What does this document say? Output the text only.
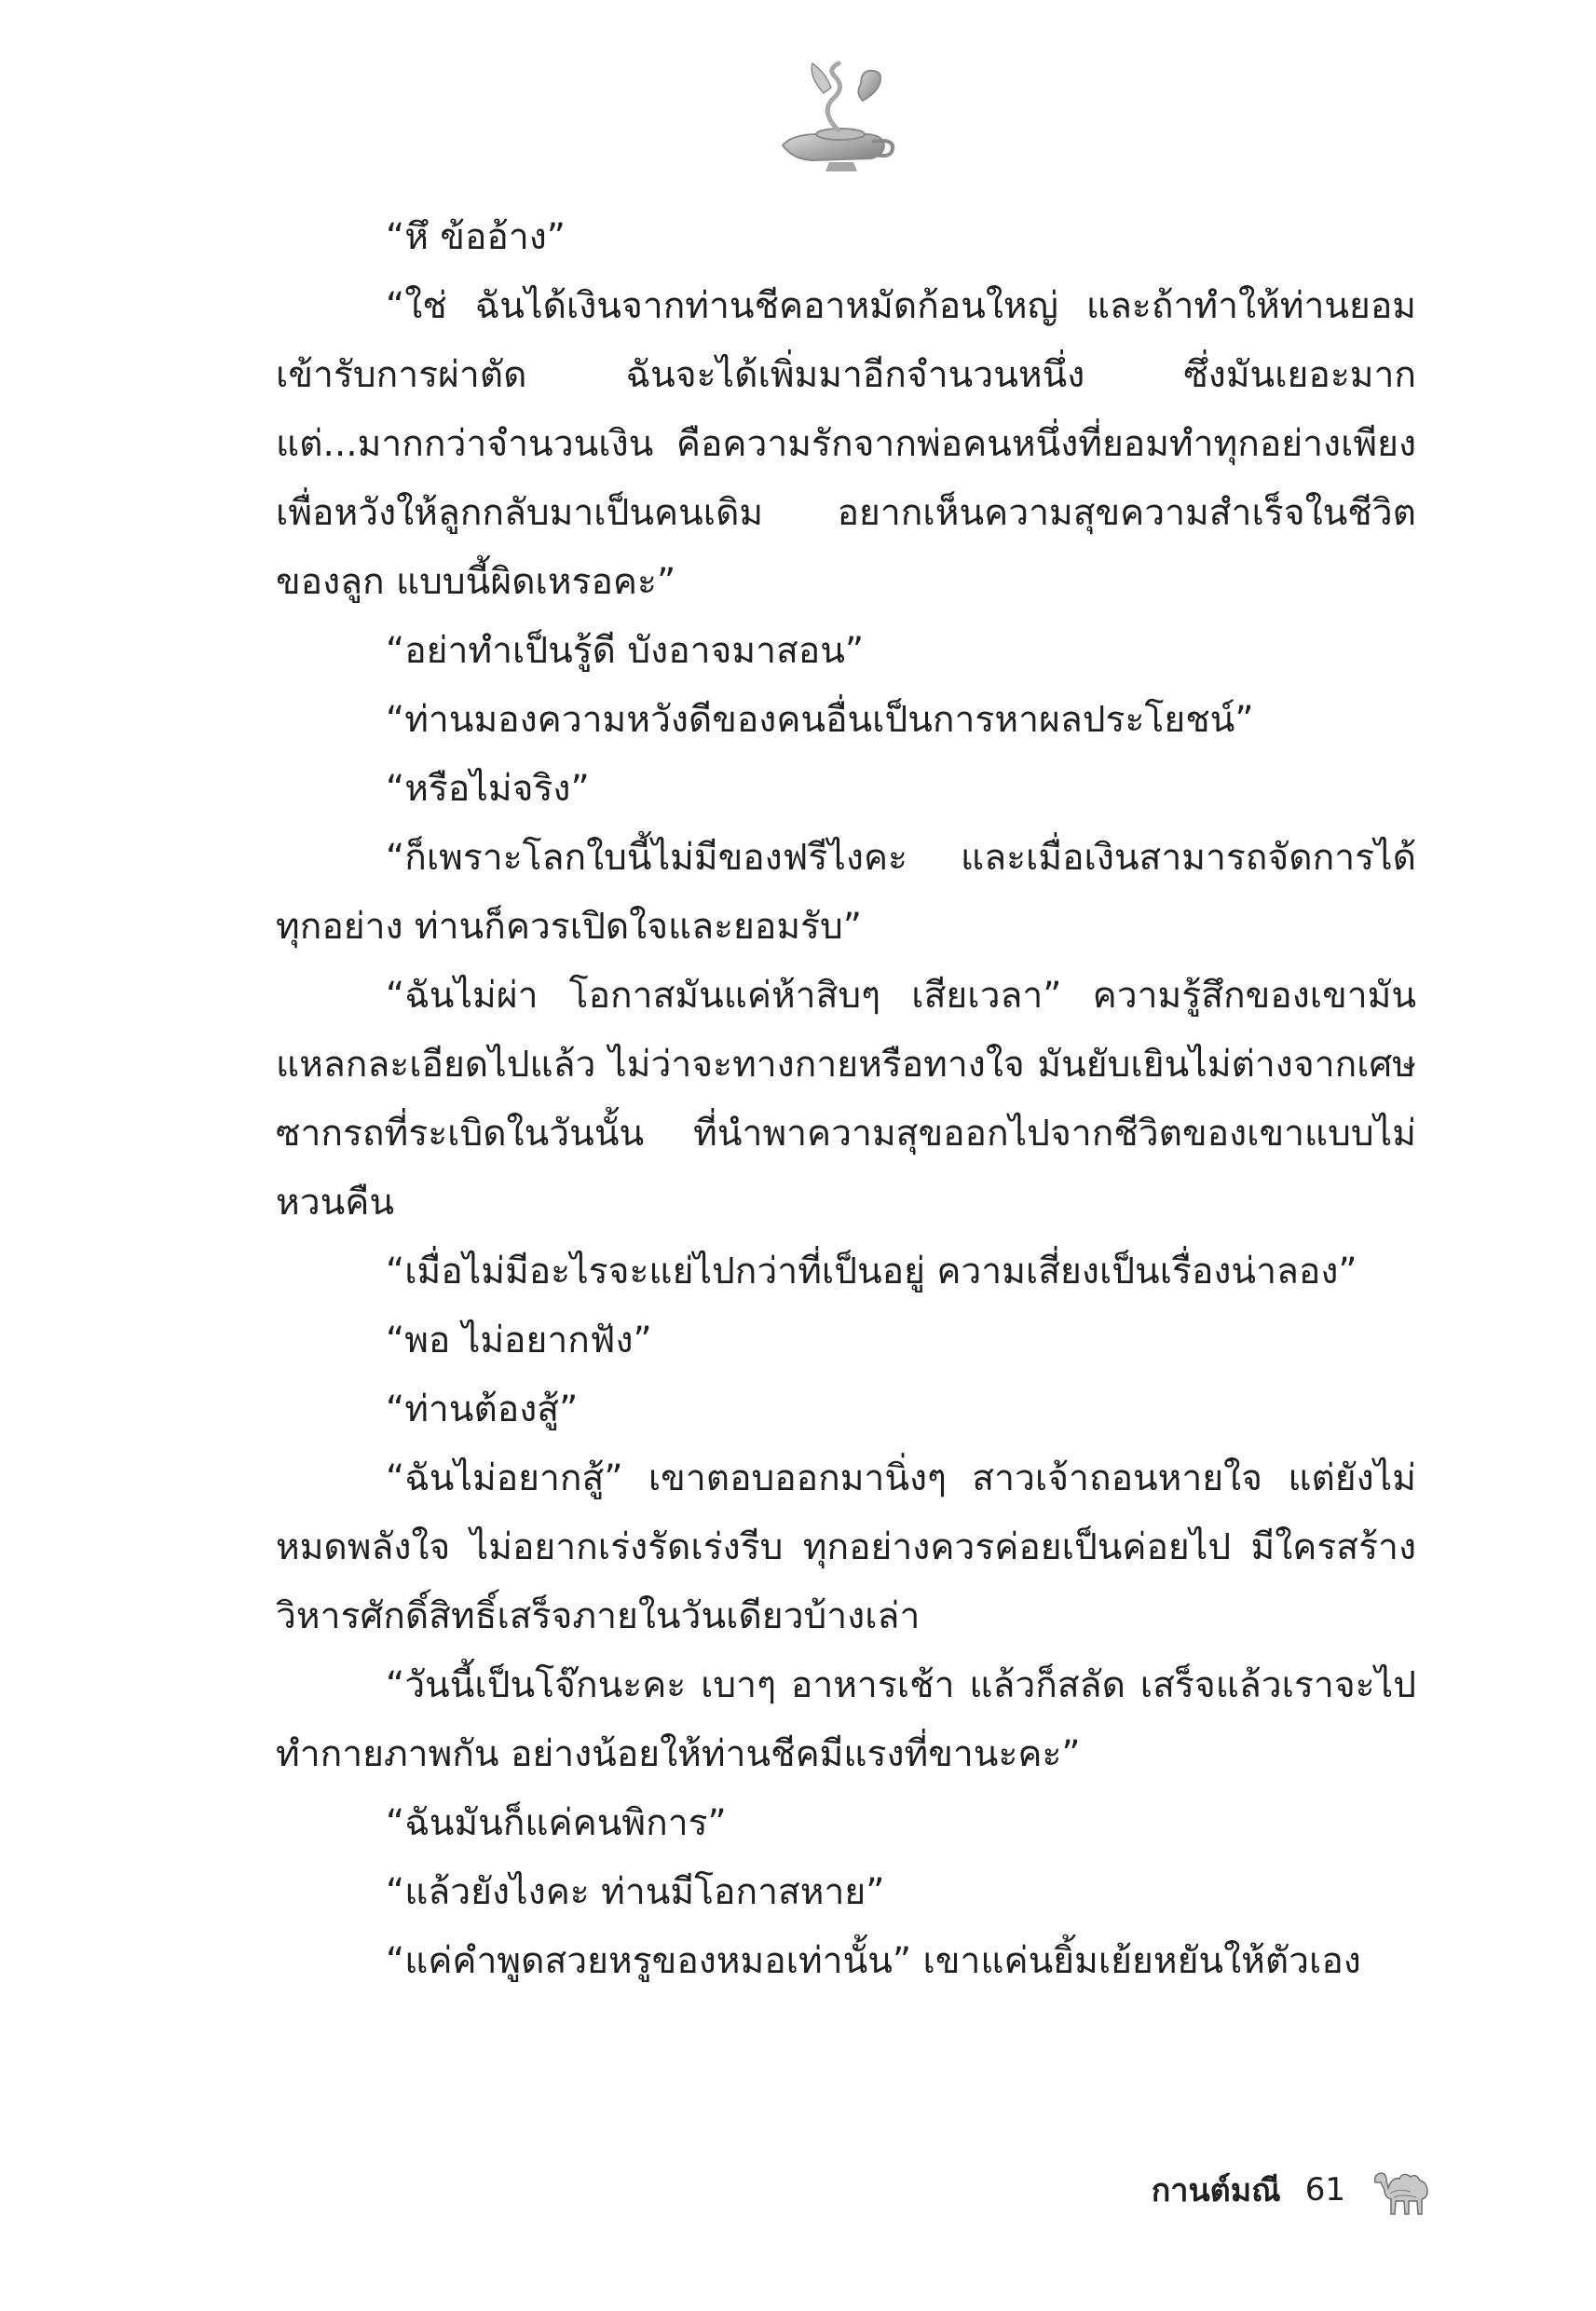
“หึ ข้ออ้าง”

“ใช่ ฉันได้เงินจากท่านชีคอาหมัดก้อนใหญ่ และถ้าทำให้ท่านยอมเข้ารับการผ่าตัด ฉันจะได้เพิ่มมาอีกจำนวนหนึ่ง ซึ่งมันเยอะมาก แต่...มากกว่าจำนวนเงิน คือความรักจากพ่อคนหนึ่งที่ยอมทำทุกอย่างเพียงเพื่อหวังให้ลูกกลับมาเป็นคนเดิม อยากเห็นความสุขความสำเร็จในชีวิตของลูก แบบนี้ผิดเหรอคะ”

“อย่าทำเป็นรู้ดี บังอาจมาสอน”

“ท่านมองความหวังดีของคนอื่นเป็นการหาผลประโยชน์”

“หรือไม่จริง”

“ก็เพราะโลกใบนี้ไม่มีของฟรีไงคะ และเมื่อเงินสามารถจัดการได้ทุกอย่าง ท่านก็ควรเปิดใจและยอมรับ”

“ฉันไม่ผ่า โอกาสมันแค่ห้าสิบๆ เสียเวลา” ความรู้สึกของเขามันแหลกละเอียดไปแล้ว ไม่ว่าจะทางกายหรือทางใจ มันยับเยินไม่ต่างจากเศษซากรถที่ระเบิดในวันนั้น ที่นำพาความสุขออกไปจากชีวิตของเขาแบบไม่หวนคืน

“เมื่อไม่มีอะไรจะแย่ไปกว่าที่เป็นอยู่ ความเสี่ยงเป็นเรื่องน่าลอง”

“พอ ไม่อยากฟัง”

“ท่านต้องสู้”

“ฉันไม่อยากสู้” เขาตอบออกมานิ่งๆ สาวเจ้าถอนหายใจ แต่ยังไม่หมดพลังใจ ไม่อยากเร่งรัดเร่งรีบ ทุกอย่างควรค่อยเป็นค่อยไป มีใครสร้างวิหารศักดิ์สิทธิ์เสร็จภายในวันเดียวบ้างเล่า

“วันนี้เป็นโจ๊กนะคะ เบาๆ อาหารเช้า แล้วก็สลัด เสร็จแล้วเราจะไปทำกายภาพกัน อย่างน้อยให้ท่านชีคมีแรงที่ขานะคะ”

“ฉันมันก็แค่คนพิการ”

“แล้วยังไงคะ ท่านมีโอกาสหาย”

“แค่คำพูดสวยหรูของหมอเท่านั้น” เขาแค่นยิ้มเย้ยหยันให้ตัวเอง

กานต์มณี 61
